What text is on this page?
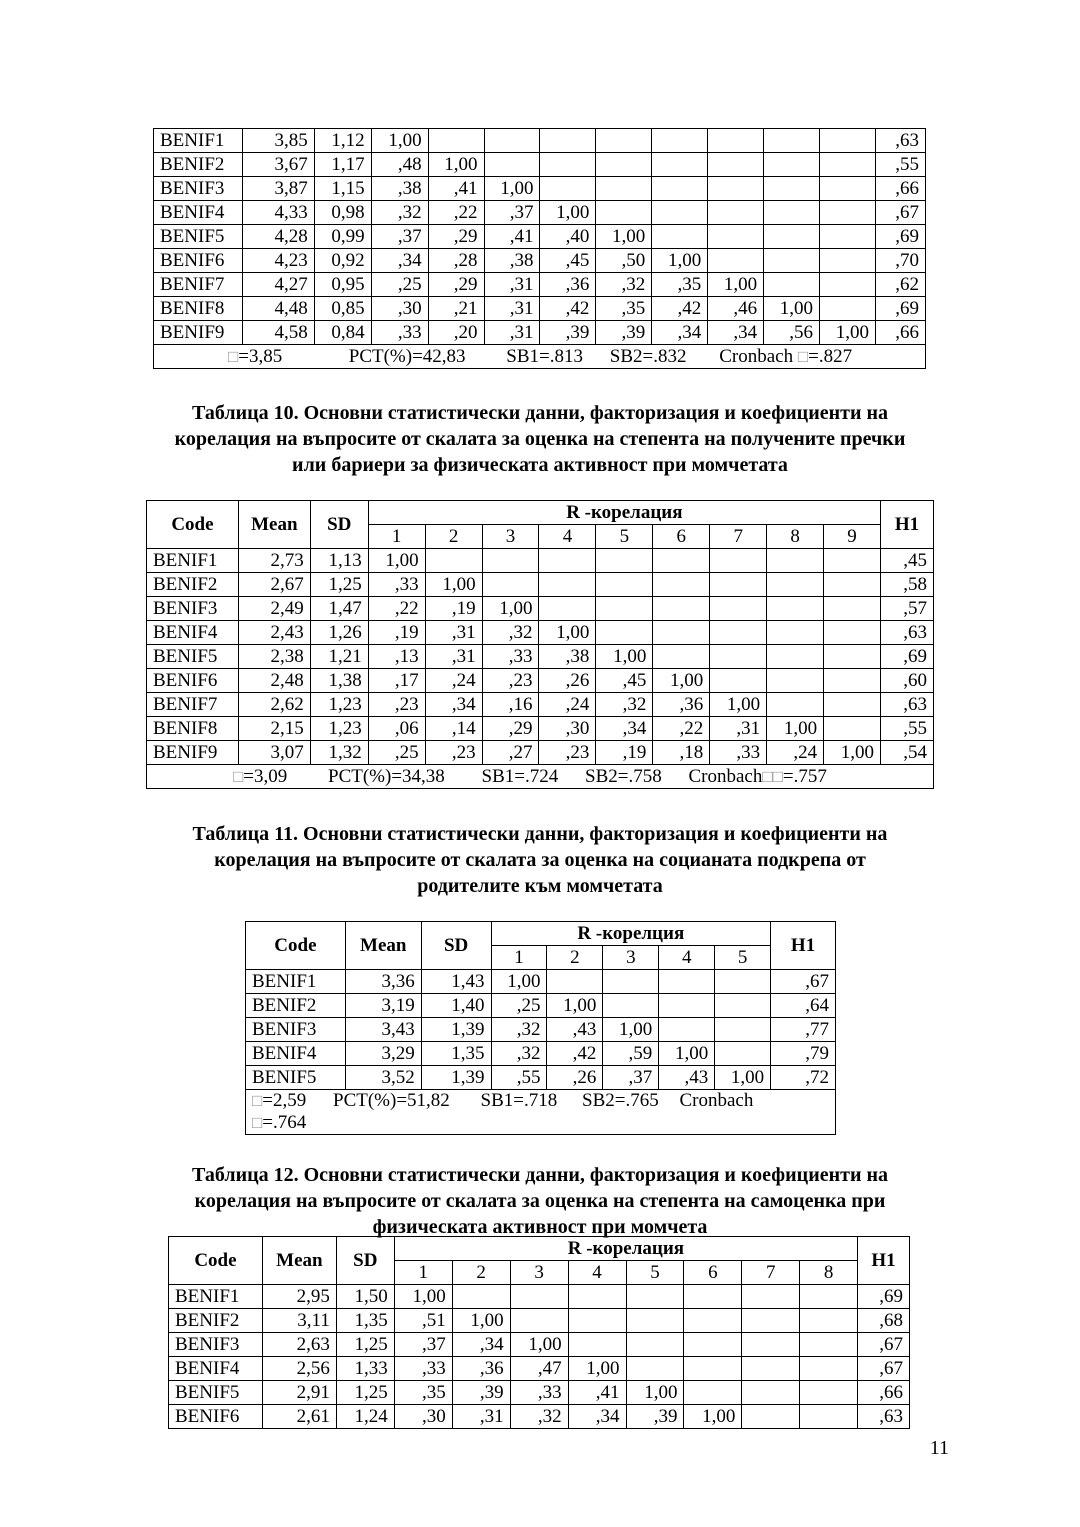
BENIF1	3,85	1,12	1,00									,63
BENIF2	3,67	1,17	,48	1,00								,55
BENIF3	3,87	1,15	,38	,41	1,00							,66
BENIF4	4,33	0,98	,32	,22	,37	1,00						,67
BENIF5	4,28	0,99	,37	,29	,41	,40	1,00					,69
BENIF6	4,23	0,92	,34	,28	,38	,45	,50	1,00				,70
BENIF7	4,27	0,95	,25	,29	,31	,36	,32	,35	1,00			,62
BENIF8	4,48	0,85	,30	,21	,31	,42	,35	,42	,46	1,00		,69
BENIF9	4,58	0,84	,33	,20	,31	,39	,39	,34	,34	,56	1,00	,66
□=3,85 PCT(%)=42,83 SB1=.813 SB2=.832 Cronbach □=.827												
Таблица 10. Основни статистически данни, факторизация и коефициенти на
корелация на въпросите от скалата за оценка на степента на получените пречки
или бариери за физическата активност при момчетата
Code	Mean	SD	R -корелация									H1
			1	2	3	4	5	6	7	8	9	
BENIF1	2,73	1,13	1,00									,45
BENIF2	2,67	1,25	,33	1,00								,58
BENIF3	2,49	1,47	,22	,19	1,00							,57
BENIF4	2,43	1,26	,19	,31	,32	1,00						,63
BENIF5	2,38	1,21	,13	,31	,33	,38	1,00					,69
BENIF6	2,48	1,38	,17	,24	,23	,26	,45	1,00				,60
BENIF7	2,62	1,23	,23	,34	,16	,24	,32	,36	1,00			,63
BENIF8	2,15	1,23	,06	,14	,29	,30	,34	,22	,31	1,00		,55
BENIF9	3,07	1,32	,25	,23	,27	,23	,19	,18	,33	,24	1,00	,54
□=3,09 PCT(%)=34,38 SB1=.724 SB2=.758 Cronbach□□=.757												
Таблица 11. Основни статистически данни, факторизация и коефициенти на
корелация на въпросите от скалата за оценка на социаната подкрепа от
родителите към момчетата
Code	Mean	SD	R -корелция					H1
			1	2	3	4	5	
BENIF1	3,36	1,43	1,00					,67
BENIF2	3,19	1,40	,25	1,00				,64
BENIF3	3,43	1,39	,32	,43	1,00			,77
BENIF4	3,29	1,35	,32	,42	,59	1,00		,79
BENIF5	3,52	1,39	,55	,26	,37	,43	1,00	,72
□=2,59 PCT(%)=51,82 SB1=.718 SB2=.765 Cronbach
□=.764								
Таблица 12. Основни статистически данни, факторизация и коефициенти на
корелация на въпросите от скалата за оценка на степента на самоценка при
физическата активност при момчета
Code	Mean	SD	R -корелация								H1
			1	2	3	4	5	6	7	8	
BENIF1	2,95	1,50	1,00								,69
BENIF2	3,11	1,35	,51	1,00							,68
BENIF3	2,63	1,25	,37	,34	1,00						,67
BENIF4	2,56	1,33	,33	,36	,47	1,00					,67
BENIF5	2,91	1,25	,35	,39	,33	,41	1,00				,66
BENIF6	2,61	1,24	,30	,31	,32	,34	,39	1,00			,63
11
